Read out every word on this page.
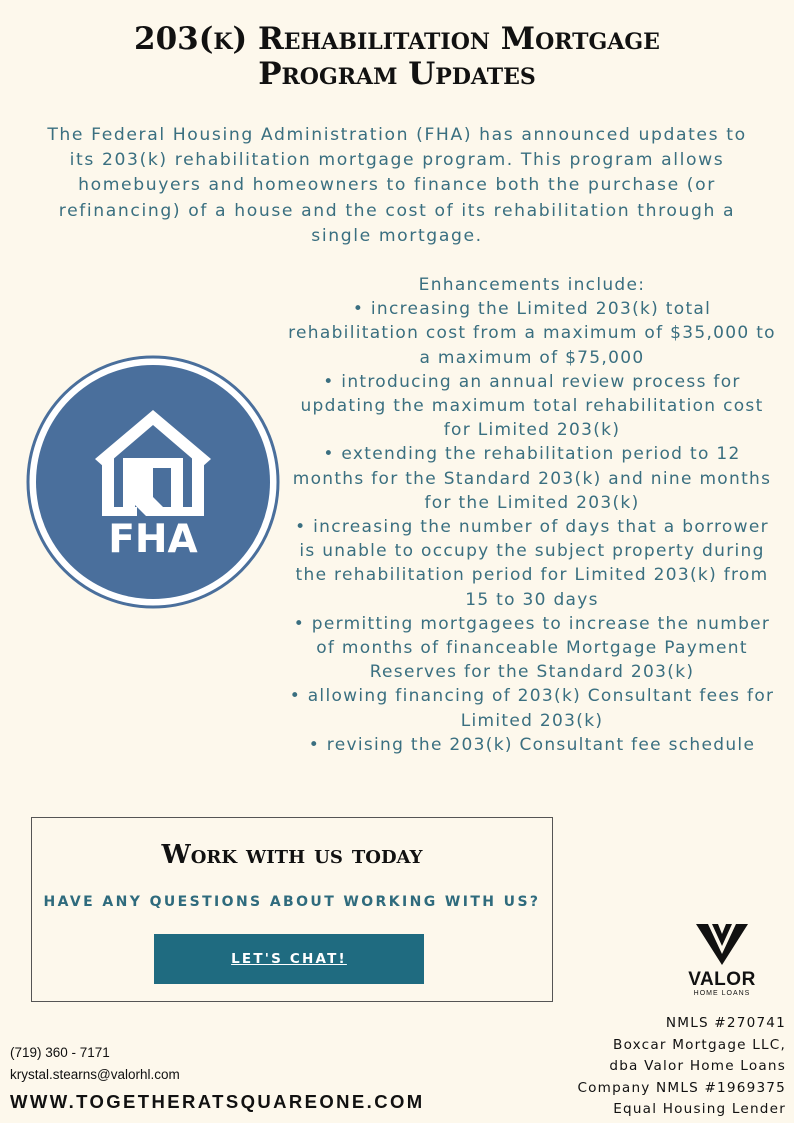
203(k) Rehabilitation Mortgage
Program Updates

The Federal Housing Administration (FHA) has announced updates to its 203(k) rehabilitation mortgage program. This program allows homebuyers and homeowners to finance both the purchase (or refinancing) of a house and the cost of its rehabilitation through a single mortgage.

FHA
Enhancements include:
• increasing the Limited 203(k) total rehabilitation cost from a maximum of $35,000 to a maximum of $75,000
• introducing an annual review process for updating the maximum total rehabilitation cost for Limited 203(k)
• extending the rehabilitation period to 12 months for the Standard 203(k) and nine months for the Limited 203(k)
• increasing the number of days that a borrower is unable to occupy the subject property during the rehabilitation period for Limited 203(k) from 15 to 30 days
• permitting mortgagees to increase the number of months of financeable Mortgage Payment Reserves for the Standard 203(k)
• allowing financing of 203(k) Consultant fees for Limited 203(k)
• revising the 203(k) Consultant fee schedule
Work with us today
HAVE ANY QUESTIONS ABOUT WORKING WITH US?
LET'S CHAT!
(719) 360 - 7171
krystal.stearns@valorhl.com

WWW.TOGETHERATSQUAREONE.COM

VALOR
HOME LOANS
NMLS #270741
Boxcar Mortgage LLC,
dba Valor Home Loans
Company NMLS #1969375
Equal Housing Lender
